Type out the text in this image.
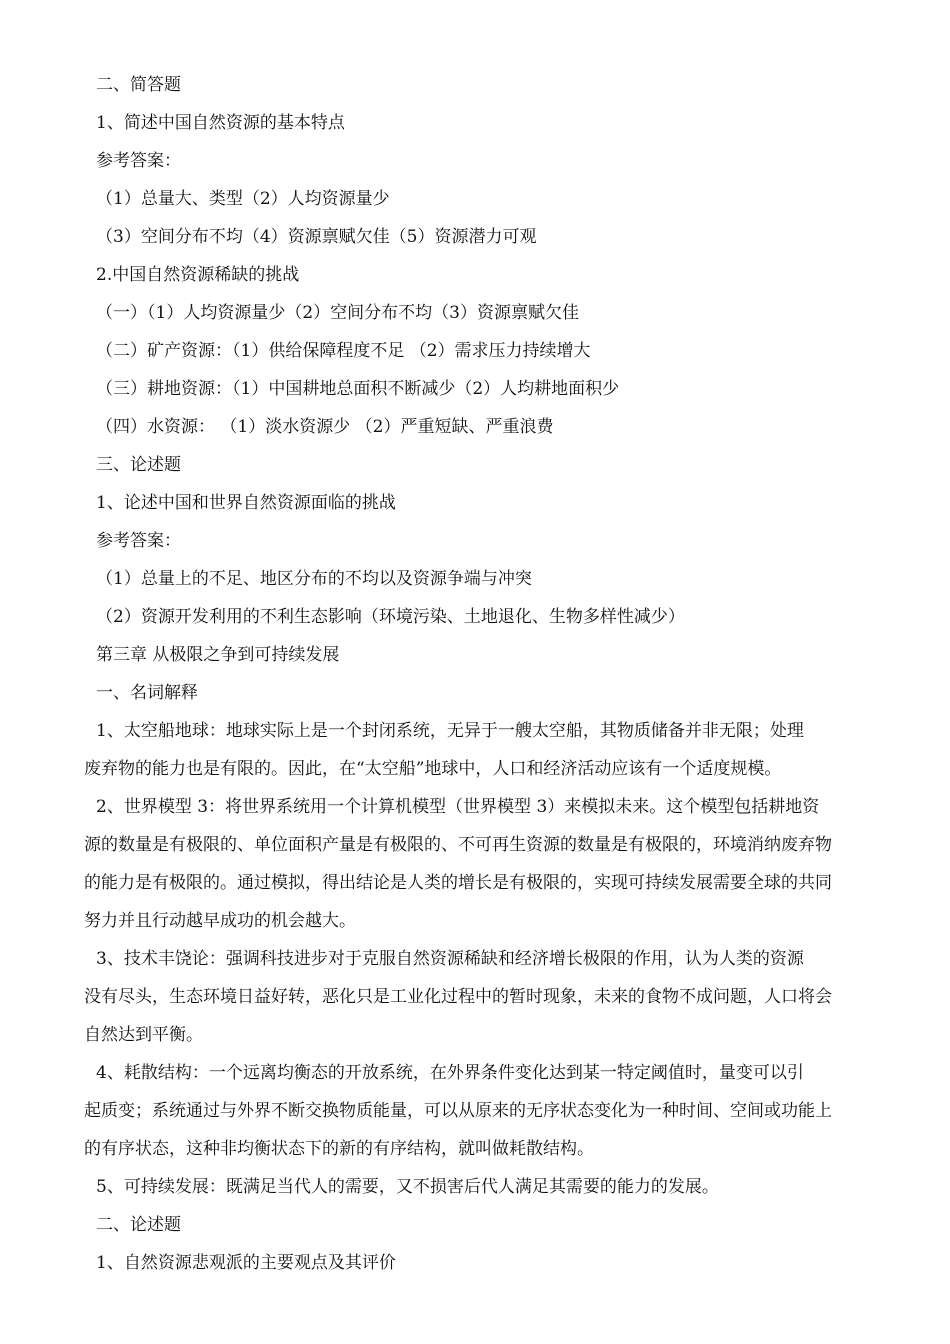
二、简答题
1、简述中国自然资源的基本特点
参考答案：
（1）总量大、类型（2）人均资源量少
（3）空间分布不均（4）资源禀赋欠佳（5）资源潜力可观
2.中国自然资源稀缺的挑战
（一）（1）人均资源量少（2）空间分布不均（3）资源禀赋欠佳
（二）矿产资源：（1）供给保障程度不足 （2）需求压力持续增大
（三）耕地资源：（1）中国耕地总面积不断减少（2）人均耕地面积少
（四）水资源： （1）淡水资源少 （2）严重短缺、严重浪费
三、论述题
1、论述中国和世界自然资源面临的挑战
参考答案：
（1）总量上的不足、地区分布的不均以及资源争端与冲突
（2）资源开发利用的不利生态影响（环境污染、土地退化、生物多样性减少）
第三章 从极限之争到可持续发展
一、名词解释
1、太空船地球：地球实际上是一个封闭系统，无异于一艘太空船，其物质储备并非无限；处理
废弃物的能力也是有限的。因此，在“太空船”地球中，人口和经济活动应该有一个适度规模。
2、世界模型 3：将世界系统用一个计算机模型（世界模型 3）来模拟未来。这个模型包括耕地资
源的数量是有极限的、单位面积产量是有极限的、不可再生资源的数量是有极限的，环境消纳废弃物
的能力是有极限的。通过模拟，得出结论是人类的增长是有极限的，实现可持续发展需要全球的共同
努力并且行动越早成功的机会越大。
3、技术丰饶论：强调科技进步对于克服自然资源稀缺和经济增长极限的作用，认为人类的资源
没有尽头，生态环境日益好转，恶化只是工业化过程中的暂时现象，未来的食物不成问题，人口将会
自然达到平衡。
4、耗散结构：一个远离均衡态的开放系统，在外界条件变化达到某一特定阈值时，量变可以引
起质变；系统通过与外界不断交换物质能量，可以从原来的无序状态变化为一种时间、空间或功能上
的有序状态，这种非均衡状态下的新的有序结构，就叫做耗散结构。
5、可持续发展：既满足当代人的需要，又不损害后代人满足其需要的能力的发展。
二、论述题
1、自然资源悲观派的主要观点及其评价
